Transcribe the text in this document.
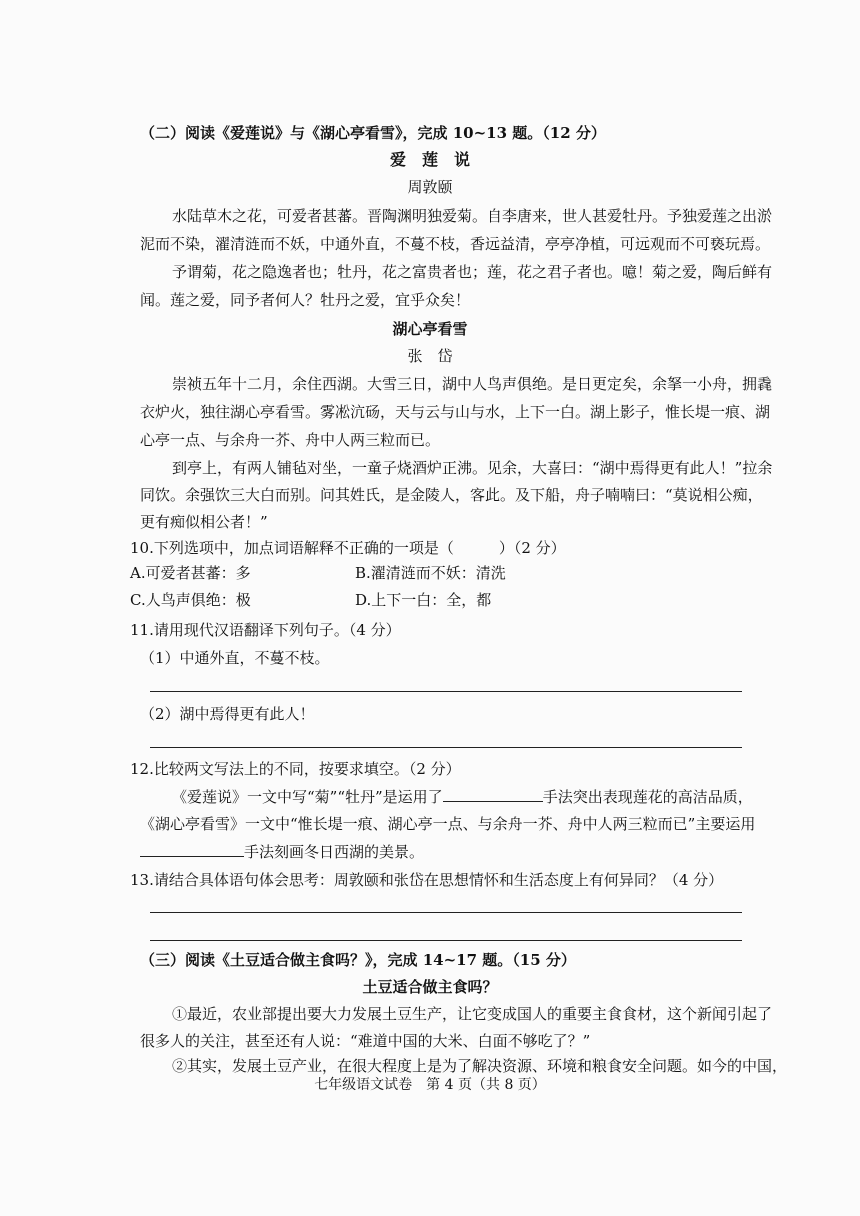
（二）阅读《爱莲说》与《湖心亭看雪》，完成 10~13 题。（12 分）
爱　莲　说
周敦颐
水陆草木之花，可爱者甚蕃。晋陶渊明独爱菊。自李唐来，世人甚爱牡丹。予独爱莲之出淤
泥而不染，濯清涟而不妖，中通外直，不蔓不枝，香远益清，亭亭净植，可远观而不可亵玩焉。
予谓菊，花之隐逸者也；牡丹，花之富贵者也；莲，花之君子者也。噫！菊之爱，陶后鲜有
闻。莲之爱，同予者何人？牡丹之爱，宜乎众矣！
湖心亭看雪
张　岱
崇祯五年十二月，余住西湖。大雪三日，湖中人鸟声俱绝。是日更定矣，余拏一小舟，拥毳
衣炉火，独往湖心亭看雪。雾凇沆砀，天与云与山与水，上下一白。湖上影子，惟长堤一痕、湖
心亭一点、与余舟一芥、舟中人两三粒而已。
到亭上，有两人铺毡对坐，一童子烧酒炉正沸。见余，大喜曰：“湖中焉得更有此人！”拉余
同饮。余强饮三大白而别。问其姓氏，是金陵人，客此。及下船，舟子喃喃曰：“莫说相公痴，
更有痴似相公者！”
10.下列选项中，加点词语解释不正确的一项是（　　　）（2 分）
A.可爱者甚蕃：多	B.濯清涟而不妖：清洗
C.人鸟声俱绝：极	D.上下一白：全，都
11.请用现代汉语翻译下列句子。（4 分）
（1）中通外直，不蔓不枝。
（2）湖中焉得更有此人！
12.比较两文写法上的不同，按要求填空。（2 分）
《爱莲说》一文中写“菊”“牡丹”是运用了	手法突出表现莲花的高洁品质，
《湖心亭看雪》一文中“惟长堤一痕、湖心亭一点、与余舟一芥、舟中人两三粒而已”主要运用
手法刻画冬日西湖的美景。
13.请结合具体语句体会思考：周敦颐和张岱在思想情怀和生活态度上有何异同？（4 分）
（三）阅读《土豆适合做主食吗？》，完成 14~17 题。（15 分）
土豆适合做主食吗？
①最近，农业部提出要大力发展土豆生产，让它变成国人的重要主食食材，这个新闻引起了
很多人的关注，甚至还有人说：“难道中国的大米、白面不够吃了？”
②其实，发展土豆产业，在很大程度上是为了解决资源、环境和粮食安全问题。如今的中国，
七年级语文试卷　第 4 页（共 8 页）
